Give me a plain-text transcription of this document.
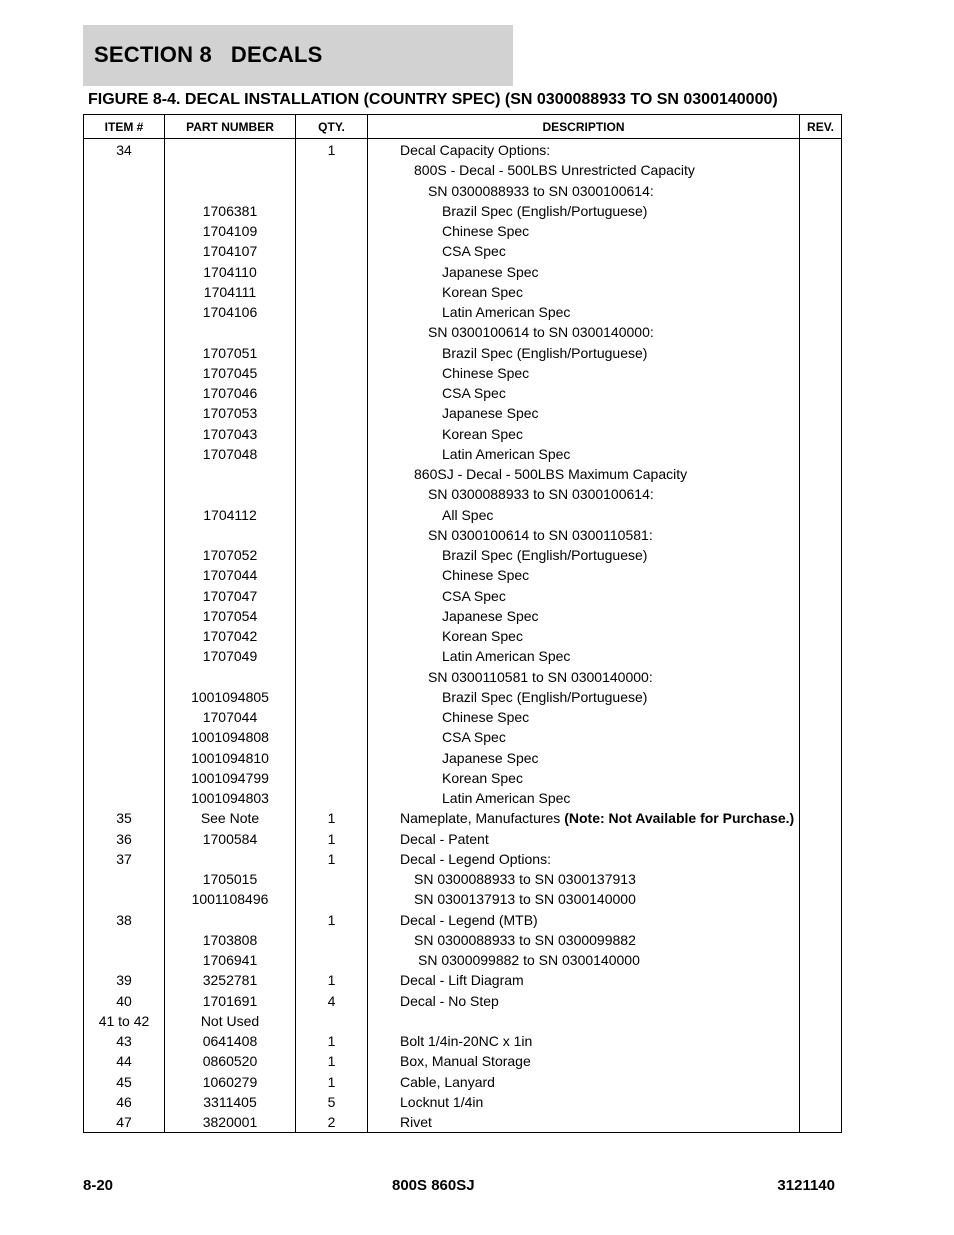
SECTION 8   DECALS
FIGURE 8-4. DECAL INSTALLATION (COUNTRY SPEC) (SN 0300088933 TO SN 0300140000)
ITEM #	PART NUMBER	QTY.	DESCRIPTION	REV.
34		1	Decal Capacity Options:	
			800S - Decal - 500LBS Unrestricted Capacity	
			SN 0300088933 to SN 0300100614:	
	1706381		Brazil Spec (English/Portuguese)	
	1704109		Chinese Spec	
	1704107		CSA Spec	
	1704110		Japanese Spec	
	1704111		Korean Spec	
	1704106		Latin American Spec	
			SN 0300100614 to SN 0300140000:	
	1707051		Brazil Spec (English/Portuguese)	
	1707045		Chinese Spec	
	1707046		CSA Spec	
	1707053		Japanese Spec	
	1707043		Korean Spec	
	1707048		Latin American Spec	
			860SJ - Decal - 500LBS Maximum Capacity	
			SN 0300088933 to SN 0300100614:	
	1704112		All Spec	
			SN 0300100614 to SN 0300110581:	
	1707052		Brazil Spec (English/Portuguese)	
	1707044		Chinese Spec	
	1707047		CSA Spec	
	1707054		Japanese Spec	
	1707042		Korean Spec	
	1707049		Latin American Spec	
			SN 0300110581 to SN 0300140000:	
	1001094805		Brazil Spec (English/Portuguese)	
	1707044		Chinese Spec	
	1001094808		CSA Spec	
	1001094810		Japanese Spec	
	1001094799		Korean Spec	
	1001094803		Latin American Spec	
35	See Note	1	Nameplate, Manufactures (Note: Not Available for Purchase.)	
36	1700584	1	Decal - Patent	
37		1	Decal - Legend Options:	
	1705015		SN 0300088933 to SN 0300137913	
	1001108496		SN 0300137913 to SN 0300140000	
38		1	Decal - Legend (MTB)	
	1703808		SN 0300088933 to SN 0300099882	
	1706941		SN 0300099882 to SN 0300140000	
39	3252781	1	Decal - Lift Diagram	
40	1701691	4	Decal - No Step	
41 to 42	Not Used			
43	0641408	1	Bolt 1/4in-20NC x 1in	
44	0860520	1	Box, Manual Storage	
45	1060279	1	Cable, Lanyard	
46	3311405	5	Locknut 1/4in	
47	3820001	2	Rivet	

8-20	800S 860SJ	3121140
